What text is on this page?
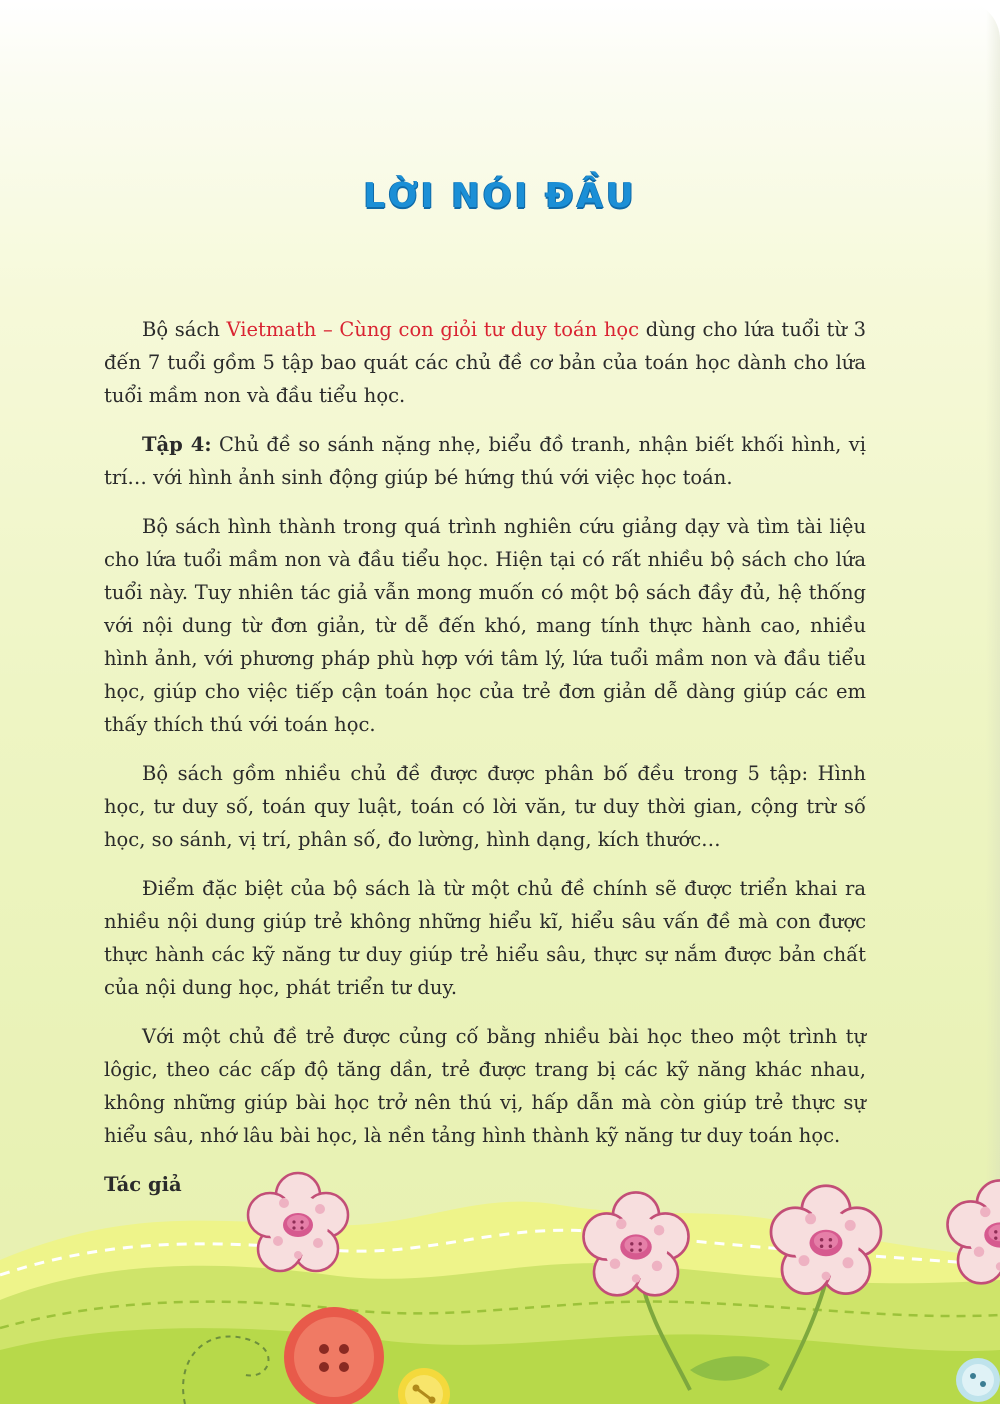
LỜI NÓI ĐẦU

Bộ sách Vietmath – Cùng con giỏi tư duy toán học dùng cho lứa tuổi từ 3 đến 7 tuổi gồm 5 tập bao quát các chủ đề cơ bản của toán học dành cho lứa tuổi mầm non và đầu tiểu học.

Tập 4: Chủ đề so sánh nặng nhẹ, biểu đồ tranh, nhận biết khối hình, vị trí… với hình ảnh sinh động giúp bé hứng thú với việc học toán.

Bộ sách hình thành trong quá trình nghiên cứu giảng dạy và tìm tài liệu cho lứa tuổi mầm non và đầu tiểu học. Hiện tại có rất nhiều bộ sách cho lứa tuổi này. Tuy nhiên tác giả vẫn mong muốn có một bộ sách đầy đủ, hệ thống với nội dung từ đơn giản, từ dễ đến khó, mang tính thực hành cao, nhiều hình ảnh, với phương pháp phù hợp với tâm lý, lứa tuổi mầm non và đầu tiểu học, giúp cho việc tiếp cận toán học của trẻ đơn giản dễ dàng giúp các em thấy thích thú với toán học.

Bộ sách gồm nhiều chủ đề được được phân bố đều trong 5 tập: Hình học, tư duy số, toán quy luật, toán có lời văn, tư duy thời gian, cộng trừ số học, so sánh, vị trí, phân số, đo lường, hình dạng, kích thước…

Điểm đặc biệt của bộ sách là từ một chủ đề chính sẽ được triển khai ra nhiều nội dung giúp trẻ không những hiểu kĩ, hiểu sâu vấn đề mà con được thực hành các kỹ năng tư duy giúp trẻ hiểu sâu, thực sự nắm được bản chất của nội dung học, phát triển tư duy.

Với một chủ đề trẻ được củng cố bằng nhiều bài học theo một trình tự lôgic, theo các cấp độ tăng dần, trẻ được trang bị các kỹ năng khác nhau, không những giúp bài học trở nên thú vị, hấp dẫn mà còn giúp trẻ thực sự hiểu sâu, nhớ lâu bài học, là nền tảng hình thành kỹ năng tư duy toán học.

Tác giả
